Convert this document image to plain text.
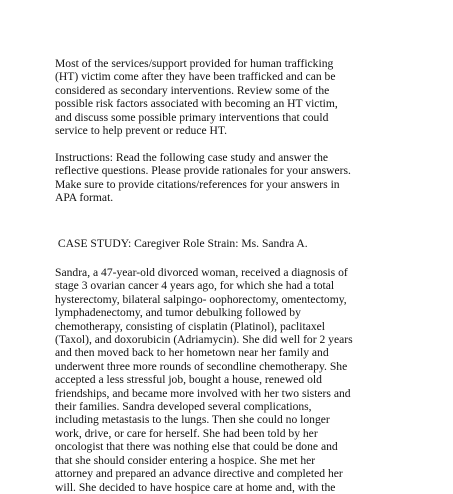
Most of the services/support provided for human trafficking
(HT) victim come after they have been trafficked and can be
considered as secondary interventions. Review some of the
possible risk factors associated with becoming an HT victim,
and discuss some possible primary interventions that could
service to help prevent or reduce HT.
Instructions: Read the following case study and answer the
reflective questions. Please provide rationales for your answers.
Make sure to provide citations/references for your answers in
APA format.
CASE STUDY: Caregiver Role Strain: Ms. Sandra A.
Sandra, a 47-year-old divorced woman, received a diagnosis of
stage 3 ovarian cancer 4 years ago, for which she had a total
hysterectomy, bilateral salpingo- oophorectomy, omentectomy,
lymphadenectomy, and tumor debulking followed by
chemotherapy, consisting of cisplatin (Platinol), paclitaxel
(Taxol), and doxorubicin (Adriamycin). She did well for 2 years
and then moved back to her hometown near her family and
underwent three more rounds of secondline chemotherapy. She
accepted a less stressful job, bought a house, renewed old
friendships, and became more involved with her two sisters and
their families. Sandra developed several complications,
including metastasis to the lungs. Then she could no longer
work, drive, or care for herself. She had been told by her
oncologist that there was nothing else that could be done and
that she should consider entering a hospice. She met her
attorney and prepared an advance directive and completed her
will. She decided to have hospice care at home and, with the
